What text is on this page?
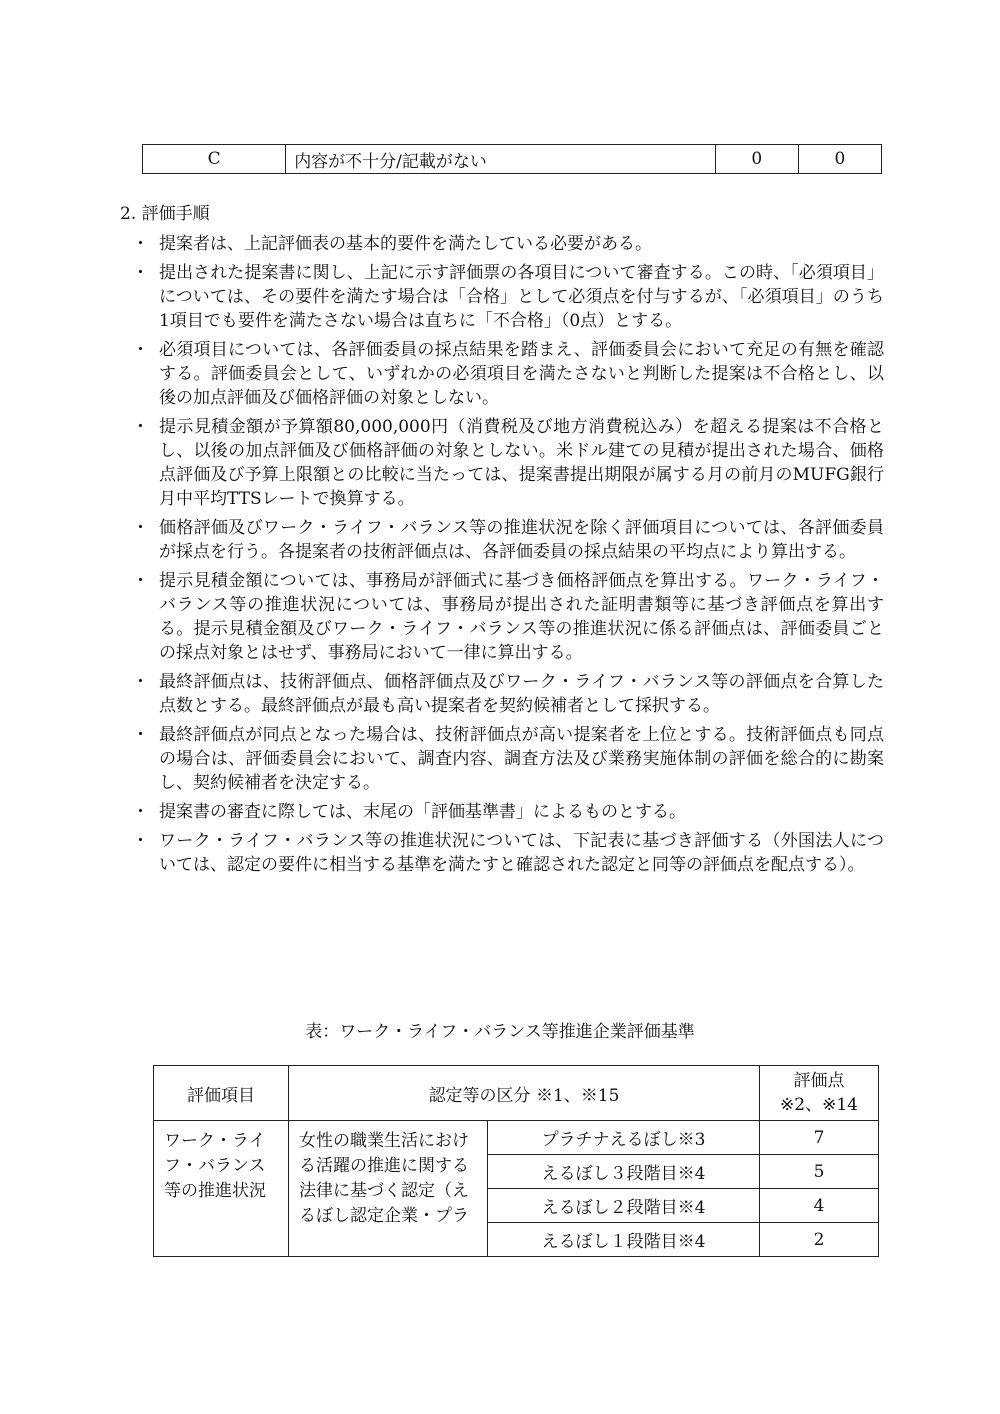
C	内容が不十分/記載がない	0	0
2. 評価手順
・ 提案者は、上記評価表の基本的要件を満たしている必要がある。
・ 提出された提案書に関し、上記に示す評価票の各項目について審査する。この時、「必須項目」については、その要件を満たす場合は「合格」として必須点を付与するが、「必須項目」のうち1項目でも要件を満たさない場合は直ちに「不合格」（0点）とする。
・ 必須項目については、各評価委員の採点結果を踏まえ、評価委員会において充足の有無を確認する。評価委員会として、いずれかの必須項目を満たさないと判断した提案は不合格とし、以後の加点評価及び価格評価の対象としない。
・ 提示見積金額が予算額80,000,000円（消費税及び地方消費税込み）を超える提案は不合格とし、以後の加点評価及び価格評価の対象としない。米ドル建ての見積が提出された場合、価格点評価及び予算上限額との比較に当たっては、提案書提出期限が属する月の前月のMUFG銀行月中平均TTSレートで換算する。
・ 価格評価及びワーク・ライフ・バランス等の推進状況を除く評価項目については、各評価委員が採点を行う。各提案者の技術評価点は、各評価委員の採点結果の平均点により算出する。
・ 提示見積金額については、事務局が評価式に基づき価格評価点を算出する。ワーク・ライフ・バランス等の推進状況については、事務局が提出された証明書類等に基づき評価点を算出する。提示見積金額及びワーク・ライフ・バランス等の推進状況に係る評価点は、評価委員ごとの採点対象とはせず、事務局において一律に算出する。
・ 最終評価点は、技術評価点、価格評価点及びワーク・ライフ・バランス等の評価点を合算した点数とする。最終評価点が最も高い提案者を契約候補者として採択する。
・ 最終評価点が同点となった場合は、技術評価点が高い提案者を上位とする。技術評価点も同点の場合は、評価委員会において、調査内容、調査方法及び業務実施体制の評価を総合的に勘案し、契約候補者を決定する。
・ 提案書の審査に際しては、末尾の「評価基準書」によるものとする。
・ ワーク・ライフ・バランス等の推進状況については、下記表に基づき評価する（外国法人については、認定の要件に相当する基準を満たすと確認された認定と同等の評価点を配点する）。
表：ワーク・ライフ・バランス等推進企業評価基準
評価項目	認定等の区分 ※1、※15		評価点
※2、※14

ワーク・ライフ・バランス等の推進状況	女性の職業生活における活躍の推進に関する法律に基づく認定（えるぼし認定企業・プラ	プラチナえるぼし※3	7
		えるぼし３段階目※4	5
		えるぼし２段階目※4	4
		えるぼし１段階目※4	2
